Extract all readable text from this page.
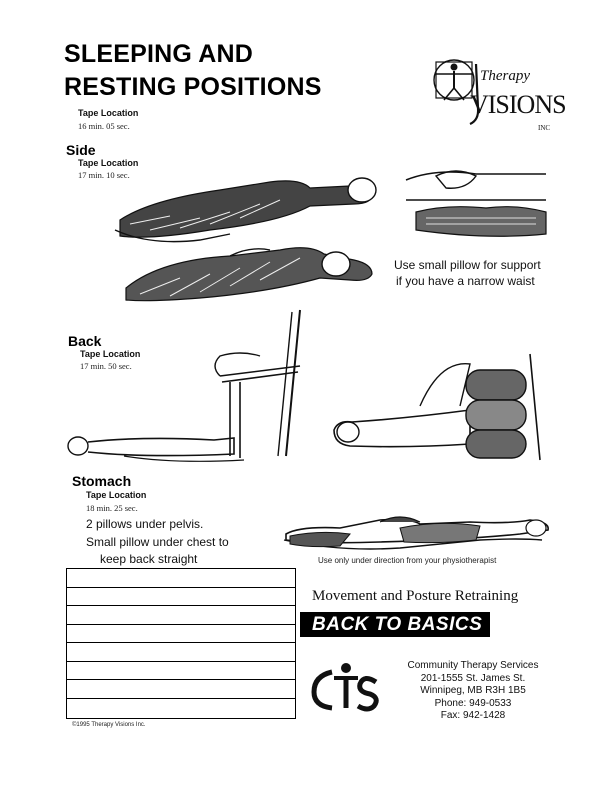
SLEEPING AND
RESTING POSITIONS
Tape Location
16 min. 05 sec.
Therapy
VISIONS
INC
Side
Tape Location
17 min. 10 sec.
Use small pillow for support
if you have a narrow waist
Back
Tape Location
17 min. 50 sec.
Stomach
Tape Location
18 min. 25 sec.
2 pillows under pelvis.
Small pillow under chest to
keep back straight	Use only under direction from your physiotherapist
©1995 Therapy Visions Inc.
Movement and Posture Retraining
BACK TO BASICS
Community Therapy Services
201-1555 St. James St.
Winnipeg, MB R3H 1B5
Phone: 949-0533
Fax: 942-1428
